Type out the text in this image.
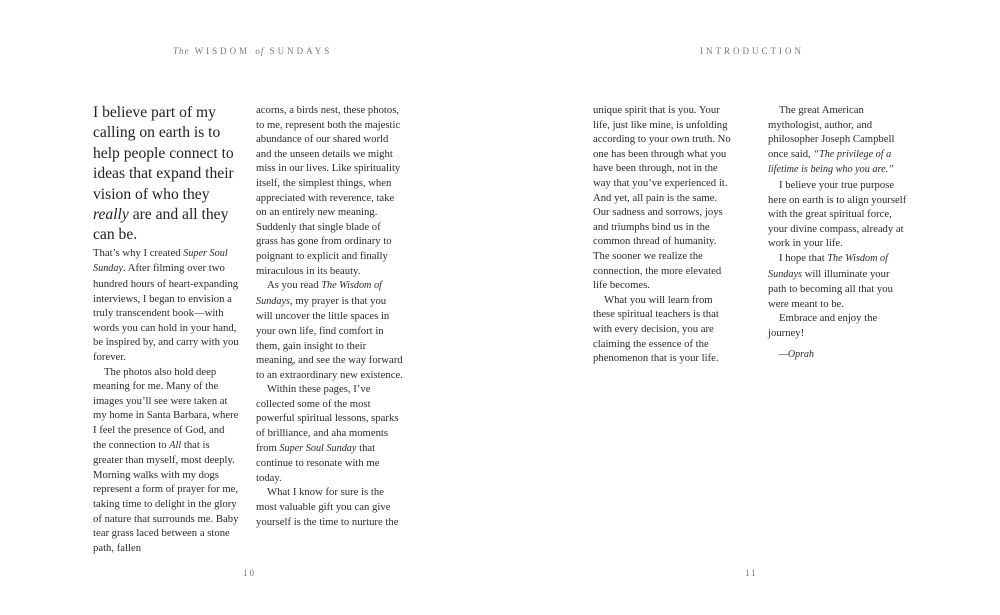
The WISDOM of SUNDAYS

I believe part of my calling on earth is to help people connect to ideas that expand their vision of who they really are and all they can be.

That’s why I created Super Soul Sunday. After filming over two hundred hours of heart-expanding interviews, I began to envision a truly transcendent book—with words you can hold in your hand, be inspired by, and carry with you forever.

The photos also hold deep meaning for me. Many of the images you’ll see were taken at my home in Santa Barbara, where I feel the presence of God, and the connection to All that is greater than myself, most deeply. Morning walks with my dogs represent a form of prayer for me, taking time to delight in the glory of nature that surrounds me. Baby tear grass laced between a stone path, fallen

acorns, a birds nest, these photos, to me, represent both the majestic abundance of our shared world and the unseen details we might miss in our lives. Like spirituality itself, the simplest things, when appreciated with reverence, take on an entirely new meaning. Suddenly that single blade of grass has gone from ordinary to poignant to explicit and finally miraculous in its beauty.

As you read The Wisdom of Sundays, my prayer is that you will uncover the little spaces in your own life, find comfort in them, gain insight to their meaning, and see the way forward to an extraordinary new existence.

Within these pages, I’ve collected some of the most powerful spiritual lessons, sparks of brilliance, and aha moments from Super Soul Sunday that continue to resonate with me today.

What I know for sure is the most valuable gift you can give yourself is the time to nurture the

10
INTRODUCTION

unique spirit that is you. Your life, just like mine, is unfolding according to your own truth. No one has been through what you have been through, not in the way that you’ve experienced it. And yet, all pain is the same. Our sadness and sorrows, joys and triumphs bind us in the common thread of humanity. The sooner we realize the connection, the more elevated life becomes.

What you will learn from these spiritual teachers is that with every decision, you are claiming the essence of the phenomenon that is your life.

The great American mythologist, author, and philosopher Joseph Campbell once said, “The privilege of a lifetime is being who you are.”

I believe your true purpose here on earth is to align yourself with the great spiritual force, your divine compass, already at work in your life.

I hope that The Wisdom of Sundays will illuminate your path to becoming all that you were meant to be.

Embrace and enjoy the journey!

—Oprah

11
